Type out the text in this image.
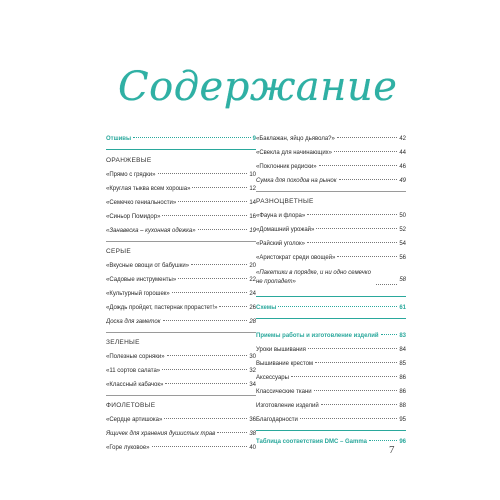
Содержание
Отшивы	9
ОРАНЖЕВЫЕ
«Прямо с грядки»	10
«Круглая тыква всем хороша»	12
«Семечко гениальности»	14
«Синьор Помидор»	16
«Занавеска – кухонная одежка»	19
СЕРЫЕ
«Вкусные овощи от бабушки»	20
«Садовые инструменты»	22
«Культурный горошек»	24
«Дождь пройдет, пастернак прорастет!»	26
Доска для заметок	28
ЗЕЛЕНЫЕ
«Полезные сорняки»	30
«11 сортов салата»	32
«Классный кабачок»	34
ФИОЛЕТОВЫЕ
«Сердце артишока»	36
Ящичек для хранения душистых трав	38
«Горе луковое»	40
«Баклажан, яйцо дьявола?»	42
«Свекла для начинающих»	44
«Поклонник редиски»	46
Сумка для походов на рынок	49
РАЗНОЦВЕТНЫЕ
«Фауна и флора»	50
«Домашний урожай»	52
«Райский уголок»	54
«Аристократ среди овощей»	56
«Пакетики в порядке, и ни одно семечко не пропадет»	58
Схемы	61
Приемы работы и изготовление изделий	83
Уроки вышивания	84
Вышивание крестом	85
Аксессуары	86
Классические ткани	86
Изготовление изделий	88
Благодарности	95
Таблица соответствия DMC – Gamma	96
7
